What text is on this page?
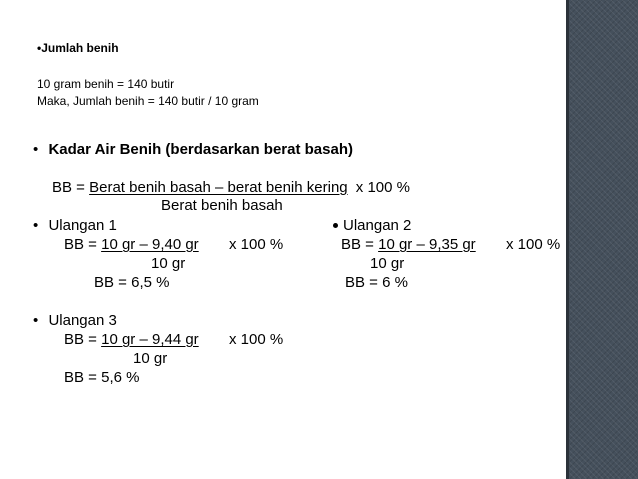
•Jumlah benih
10 gram benih = 140 butir
Maka, Jumlah benih = 140 butir / 10 gram
• Kadar Air Benih (berdasarkan berat basah)
BB = Berat benih basah – berat benih kering x 100 %
Berat benih basah
• Ulangan 1
BB = 10 gr – 9,40 gr x 100 %
10 gr
BB = 6,5 %
Ulangan 2
BB = 10 gr – 9,35 gr x 100 %
10 gr
BB = 6 %
• Ulangan 3
BB = 10 gr – 9,44 gr x 100 %
10 gr
BB = 5,6 %
